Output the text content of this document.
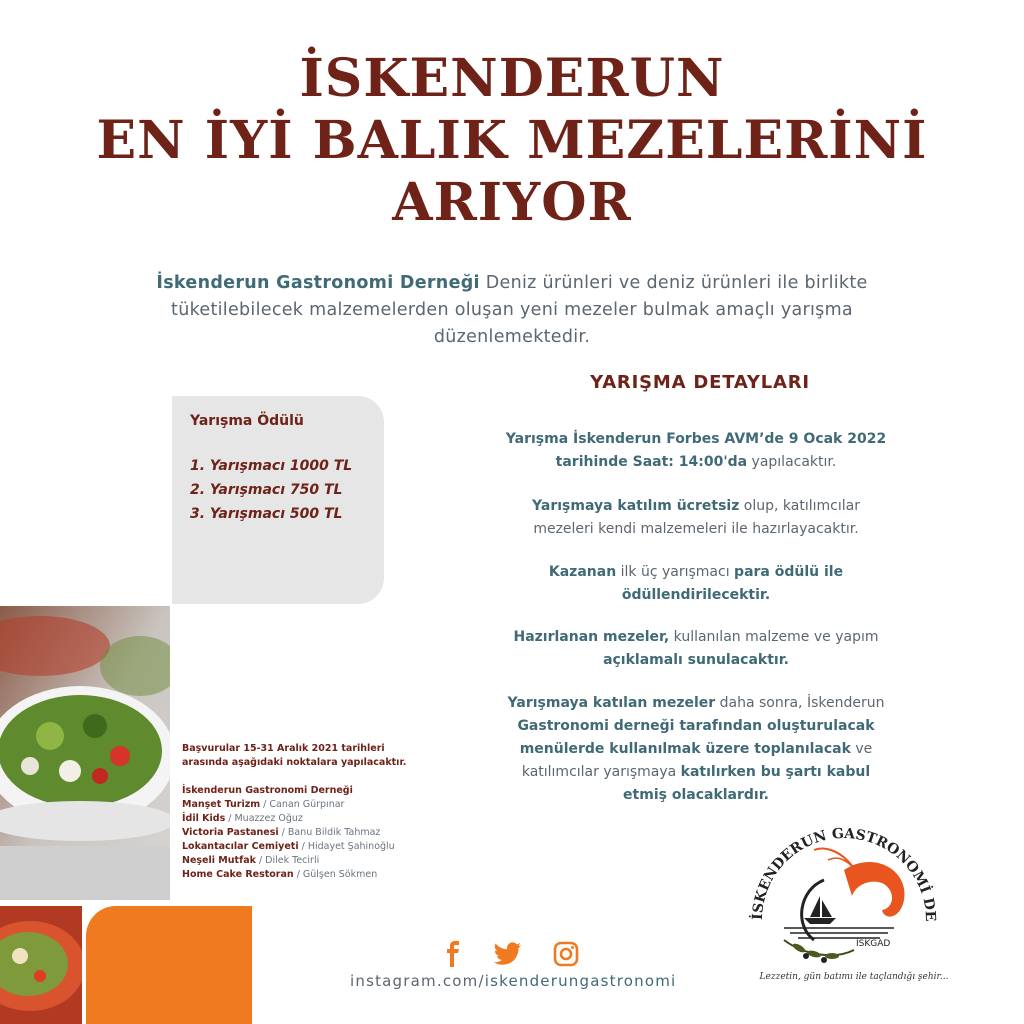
İSKENDERUN
EN İYİ BALIK MEZELERİNİ
ARIYOR
İskenderun Gastronomi Derneği Deniz ürünleri ve deniz ürünleri ile birlikte
tüketilebilecek malzemelerden oluşan yeni mezeler bulmak amaçlı yarışma
düzenlemektedir.
YARIŞMA DETAYLARI
Yarışma Ödülü
1. Yarışmacı 1000 TL
2. Yarışmacı 750 TL
3. Yarışmacı 500 TL
Yarışma İskenderun Forbes AVM’de 9 Ocak 2022
tarihinde Saat: 14:00'da yapılacaktır.
Yarışmaya katılım ücretsiz olup, katılımcılar
mezeleri kendi malzemeleri ile hazırlayacaktır.
Kazanan ilk üç yarışmacı para ödülü ile
ödüllendirilecektir.
Hazırlanan mezeler, kullanılan malzeme ve yapım
açıklamalı sunulacaktır.
Yarışmaya katılan mezeler daha sonra, İskenderun
Gastronomi derneği tarafından oluşturulacak
menülerde kullanılmak üzere toplanılacak ve
katılımcılar yarışmaya katılırken bu şartı kabul
etmiş olacaklardır.
Başvurular 15-31 Aralık 2021 tarihleri
arasında aşağıdaki noktalara yapılacaktır.
İskenderun Gastronomi Derneği
Manşet Turizm / Canan Gürpınar
İdil Kids / Muazzez Oğuz
Victoria Pastanesi / Banu Bildik Tahmaz
Lokantacılar Cemiyeti / Hidayet Şahinoğlu
Neşeli Mutfak / Dilek Tecirli
Home Cake Restoran / Gülşen Sökmen
instagram.com/iskenderungastronomi
İSKENDERUN GASTRONOMİ DE
İSKGAD
Lezzetin, gün batımı ile taçlandığı şehir...
